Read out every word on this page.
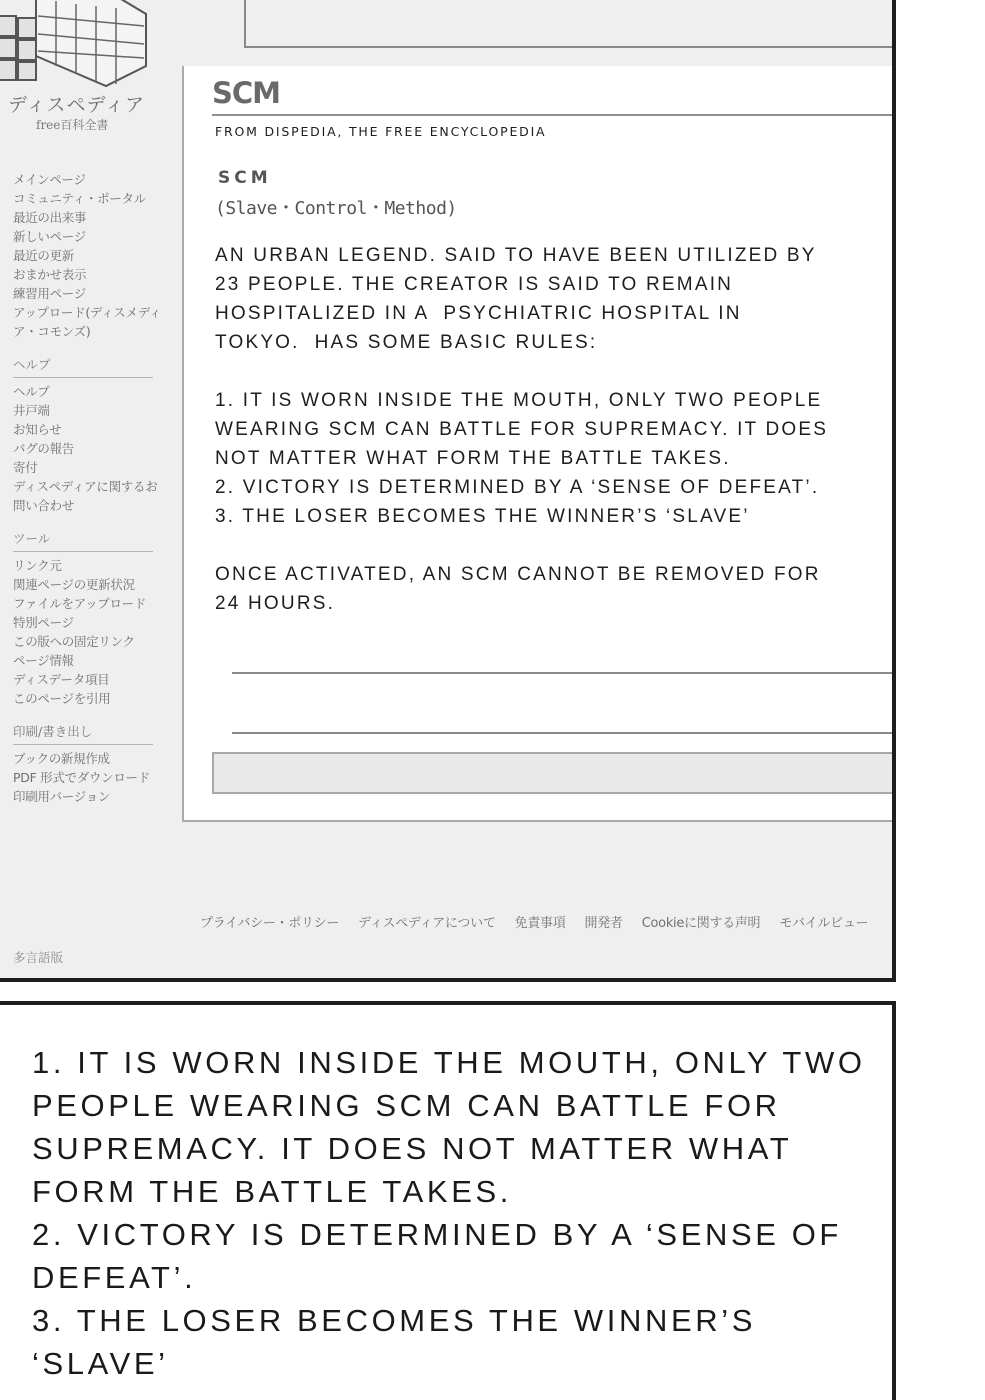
ディスペディア
free百科全書
メインページ
コミュニティ・ポータル
最近の出来事
新しいページ
最近の更新
おまかせ表示
練習用ページ
アップロード(ディスメディア・コモンズ)
ヘルプ
ヘルプ
井戸端
お知らせ
バグの報告
寄付
ディスペディアに関するお問い合わせ
ツール
リンク元
関連ページの更新状況
ファイルをアップロード
特別ページ
この版への固定リンク
ページ情報
ディスデータ項目
このページを引用
印刷/書き出し
ブックの新規作成
PDF 形式でダウンロード
印刷用バージョン
多言語版
SCM
FROM DISPEDIA, THE FREE ENCYCLOPEDIA
SCM
(Slave・Control・Method)
AN URBAN LEGEND. SAID TO HAVE BEEN UTILIZED BY
23 PEOPLE. THE CREATOR IS SAID TO REMAIN
HOSPITALIZED IN A  PSYCHIATRIC HOSPITAL IN
TOKYO.  HAS SOME BASIC RULES:

1. IT IS WORN INSIDE THE MOUTH, ONLY TWO PEOPLE
WEARING SCM CAN BATTLE FOR SUPREMACY. IT DOES
NOT MATTER WHAT FORM THE BATTLE TAKES.
2. VICTORY IS DETERMINED BY A ‘SENSE OF DEFEAT’.
3. THE LOSER BECOMES THE WINNER’S ‘SLAVE’

ONCE ACTIVATED, AN SCM CANNOT BE REMOVED FOR
24 HOURS.
プライバシー・ポリシー ディスペディアについて 免責事項 開発者 Cookieに関する声明 モバイルビュー
1. IT IS WORN INSIDE THE MOUTH, ONLY TWO
PEOPLE WEARING SCM CAN BATTLE FOR
SUPREMACY. IT DOES NOT MATTER WHAT
FORM THE BATTLE TAKES.
2. VICTORY IS DETERMINED BY A ‘SENSE OF
DEFEAT’.
3. THE LOSER BECOMES THE WINNER’S
‘SLAVE’
